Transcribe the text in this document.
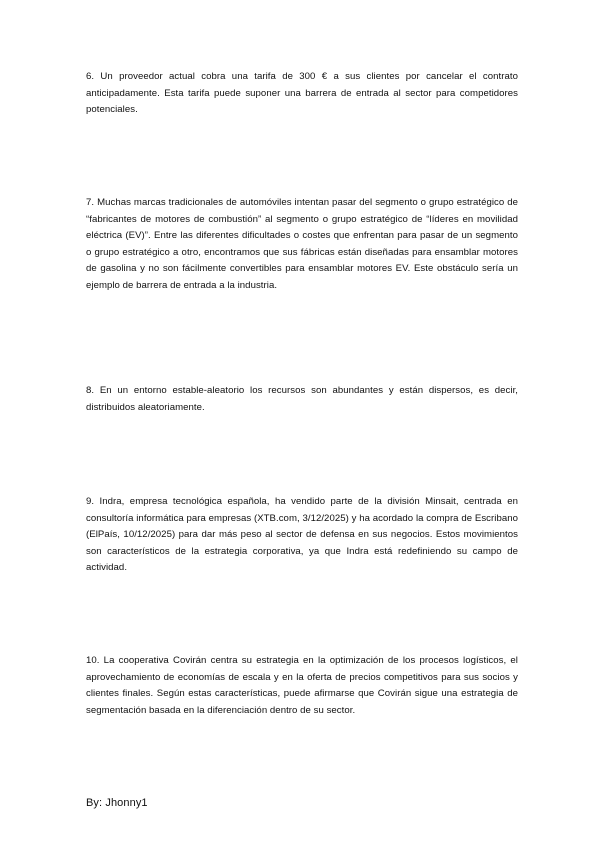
6. Un proveedor actual cobra una tarifa de 300 € a sus clientes por cancelar el contrato anticipadamente. Esta tarifa puede suponer una barrera de entrada al sector para competidores potenciales.

7. Muchas marcas tradicionales de automóviles intentan pasar del segmento o grupo estratégico de “fabricantes de motores de combustión” al segmento o grupo estratégico de “líderes en movilidad eléctrica (EV)”. Entre las diferentes dificultades o costes que enfrentan para pasar de un segmento o grupo estratégico a otro, encontramos que sus fábricas están diseñadas para ensamblar motores de gasolina y no son fácilmente convertibles para ensamblar motores EV. Este obstáculo sería un ejemplo de barrera de entrada a la industria.

8. En un entorno estable-aleatorio los recursos son abundantes y están dispersos, es decir, distribuidos aleatoriamente.

9. Indra, empresa tecnológica española, ha vendido parte de la división Minsait, centrada en consultoría informática para empresas (XTB.com, 3/12/2025) y ha acordado la compra de Escribano (ElPaís, 10/12/2025) para dar más peso al sector de defensa en sus negocios. Estos movimientos son característicos de la estrategia corporativa, ya que Indra está redefiniendo su campo de actividad.

10. La cooperativa Covirán centra su estrategia en la optimización de los procesos logísticos, el aprovechamiento de economías de escala y en la oferta de precios competitivos para sus socios y clientes finales. Según estas características, puede afirmarse que Covirán sigue una estrategia de segmentación basada en la diferenciación dentro de su sector.

By: Jhonny1
